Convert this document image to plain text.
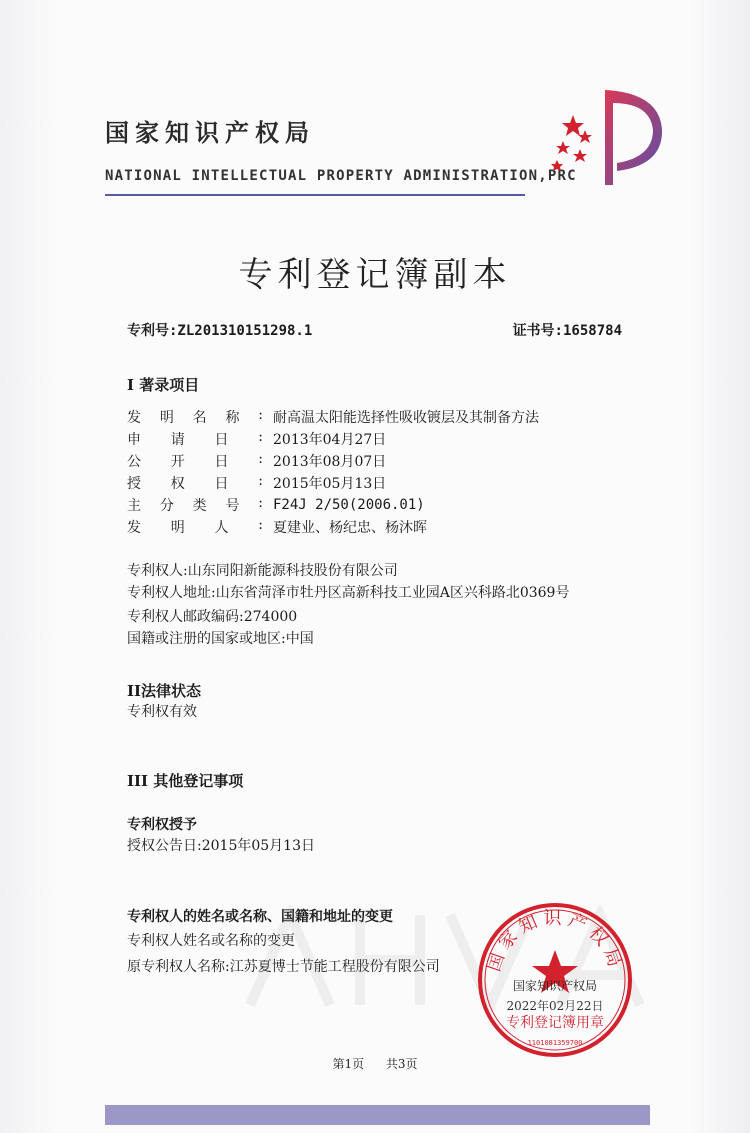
国家知识产权局
NATIONAL INTELLECTUAL PROPERTY ADMINISTRATION,PRC
专利登记簿副本
专利号:ZL201310151298.1	证书号:1658784
I 著录项目
发 明 名 称 : 耐高温太阳能选择性吸收镀层及其制备方法
申 请 日 : 2013年04月27日
公 开 日 : 2013年08月07日
授 权 日 : 2015年05月13日
主 分 类 号 : F24J 2/50(2006.01)
发 明 人 : 夏建业、杨纪忠、杨沐晖
专利权人:山东同阳新能源科技股份有限公司
专利权人地址:山东省菏泽市牡丹区高新科技工业园A区兴科路北0369号
专利权人邮政编码:274000
国籍或注册的国家或地区:中国
II法律状态
专利权有效
III 其他登记事项
专利权授予
授权公告日:2015年05月13日
专利权人的姓名或名称、国籍和地址的变更
专利权人姓名或名称的变更
原专利权人名称:江苏夏博士节能工程股份有限公司 国家知识产权局
国家知识产权局
2022年02月22日
专利登记簿用章
1101081359700
第1页 共3页
